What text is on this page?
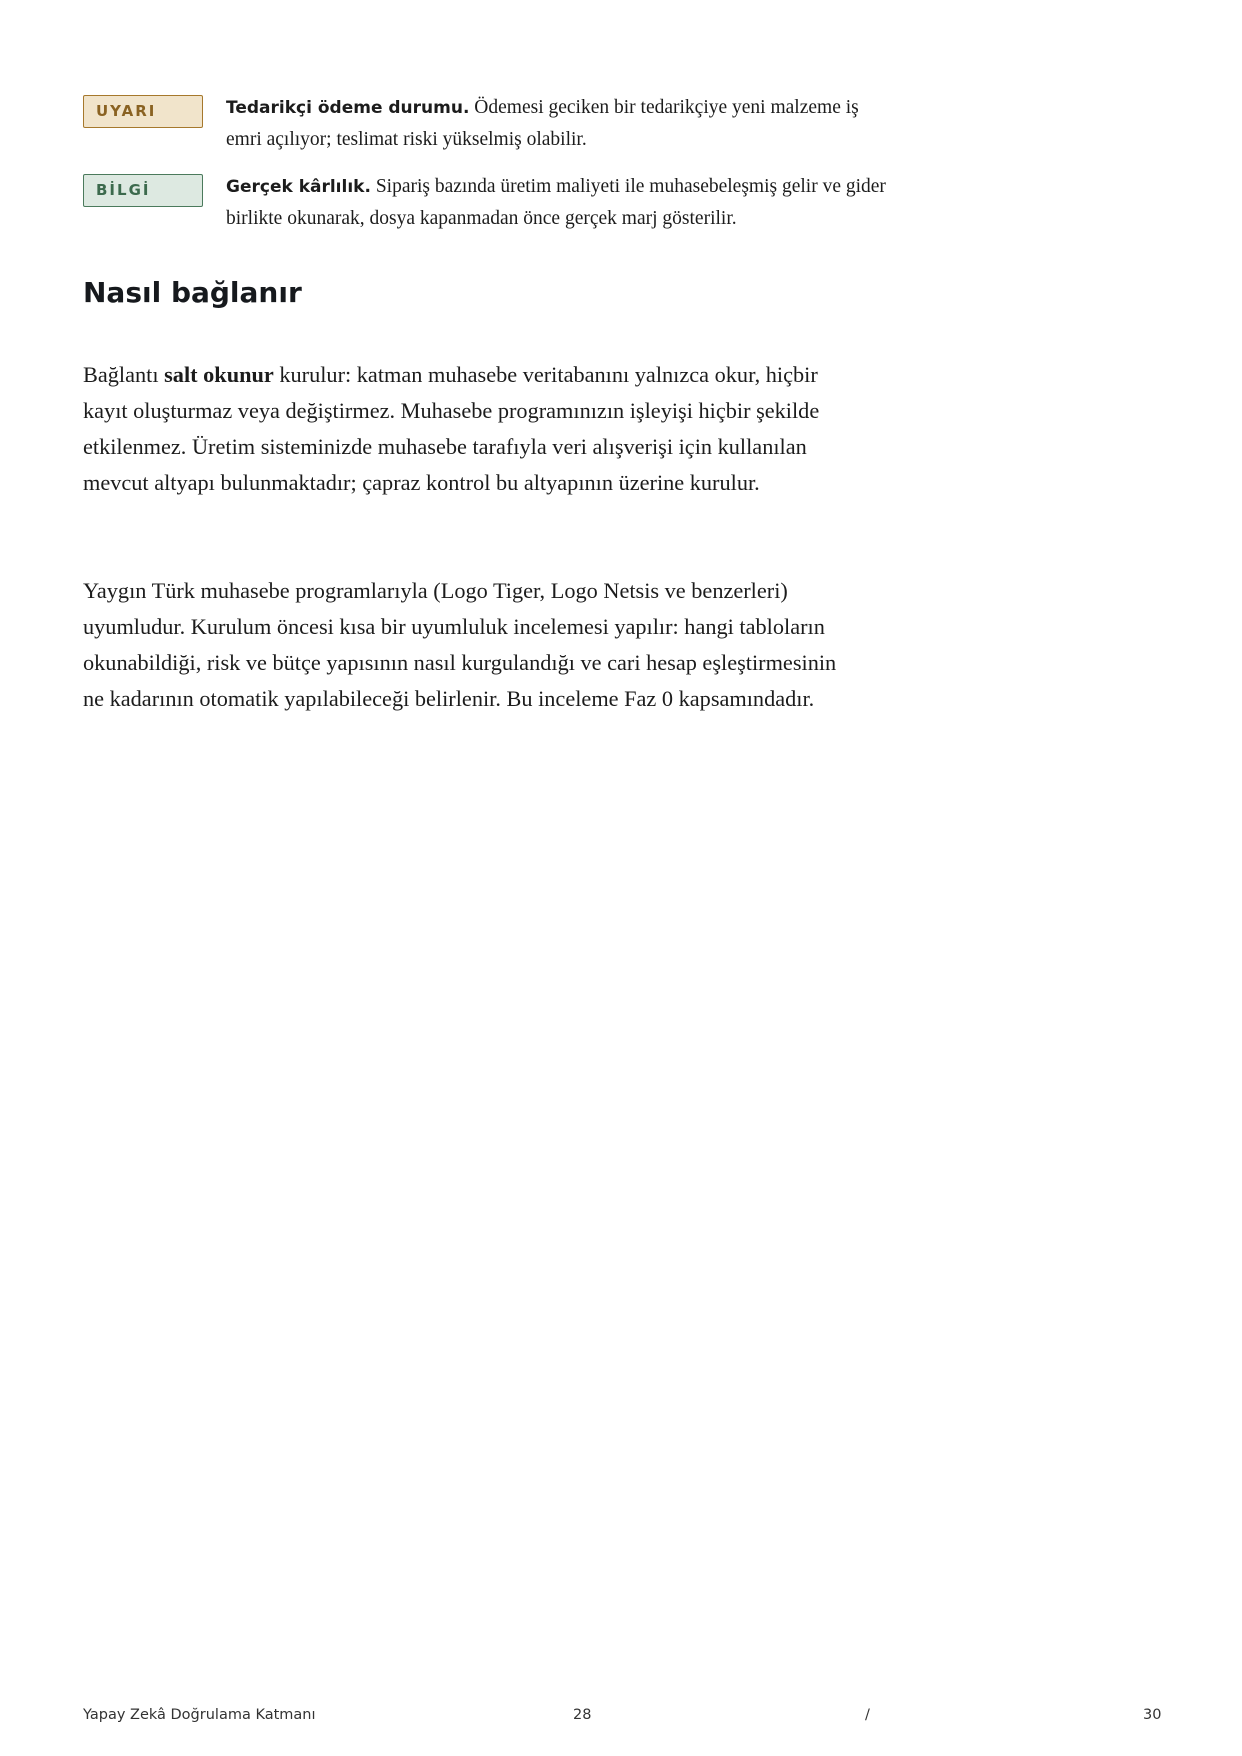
UYARI	Tedarikçi ödeme durumu. Ödemesi geciken bir tedarikçiye yeni malzeme iş emri açılıyor; teslimat riski yükselmiş olabilir.
BİLGİ	Gerçek kârlılık. Sipariş bazında üretim maliyeti ile muhasebeleşmiş gelir ve gider birlikte okunarak, dosya kapanmadan önce gerçek marj gösterilir.
Nasıl bağlanır

Bağlantı salt okunur kurulur: katman muhasebe veritabanını yalnızca okur, hiçbir kayıt oluşturmaz veya değiştirmez. Muhasebe programınızın işleyişi hiçbir şekilde etkilenmez. Üretim sisteminizde muhasebe tarafıyla veri alışverişi için kullanılan mevcut altyapı bulunmaktadır; çapraz kontrol bu altyapının üzerine kurulur.

Yaygın Türk muhasebe programlarıyla (Logo Tiger, Logo Netsis ve benzerleri) uyumludur. Kurulum öncesi kısa bir uyumluluk incelemesi yapılır: hangi tabloların okunabildiği, risk ve bütçe yapısının nasıl kurgulandığı ve cari hesap eşleştirmesinin ne kadarının otomatik yapılabileceği belirlenir. Bu inceleme Faz 0 kapsamındadır.

Yapay Zekâ Doğrulama Katmanı	28	/	30
